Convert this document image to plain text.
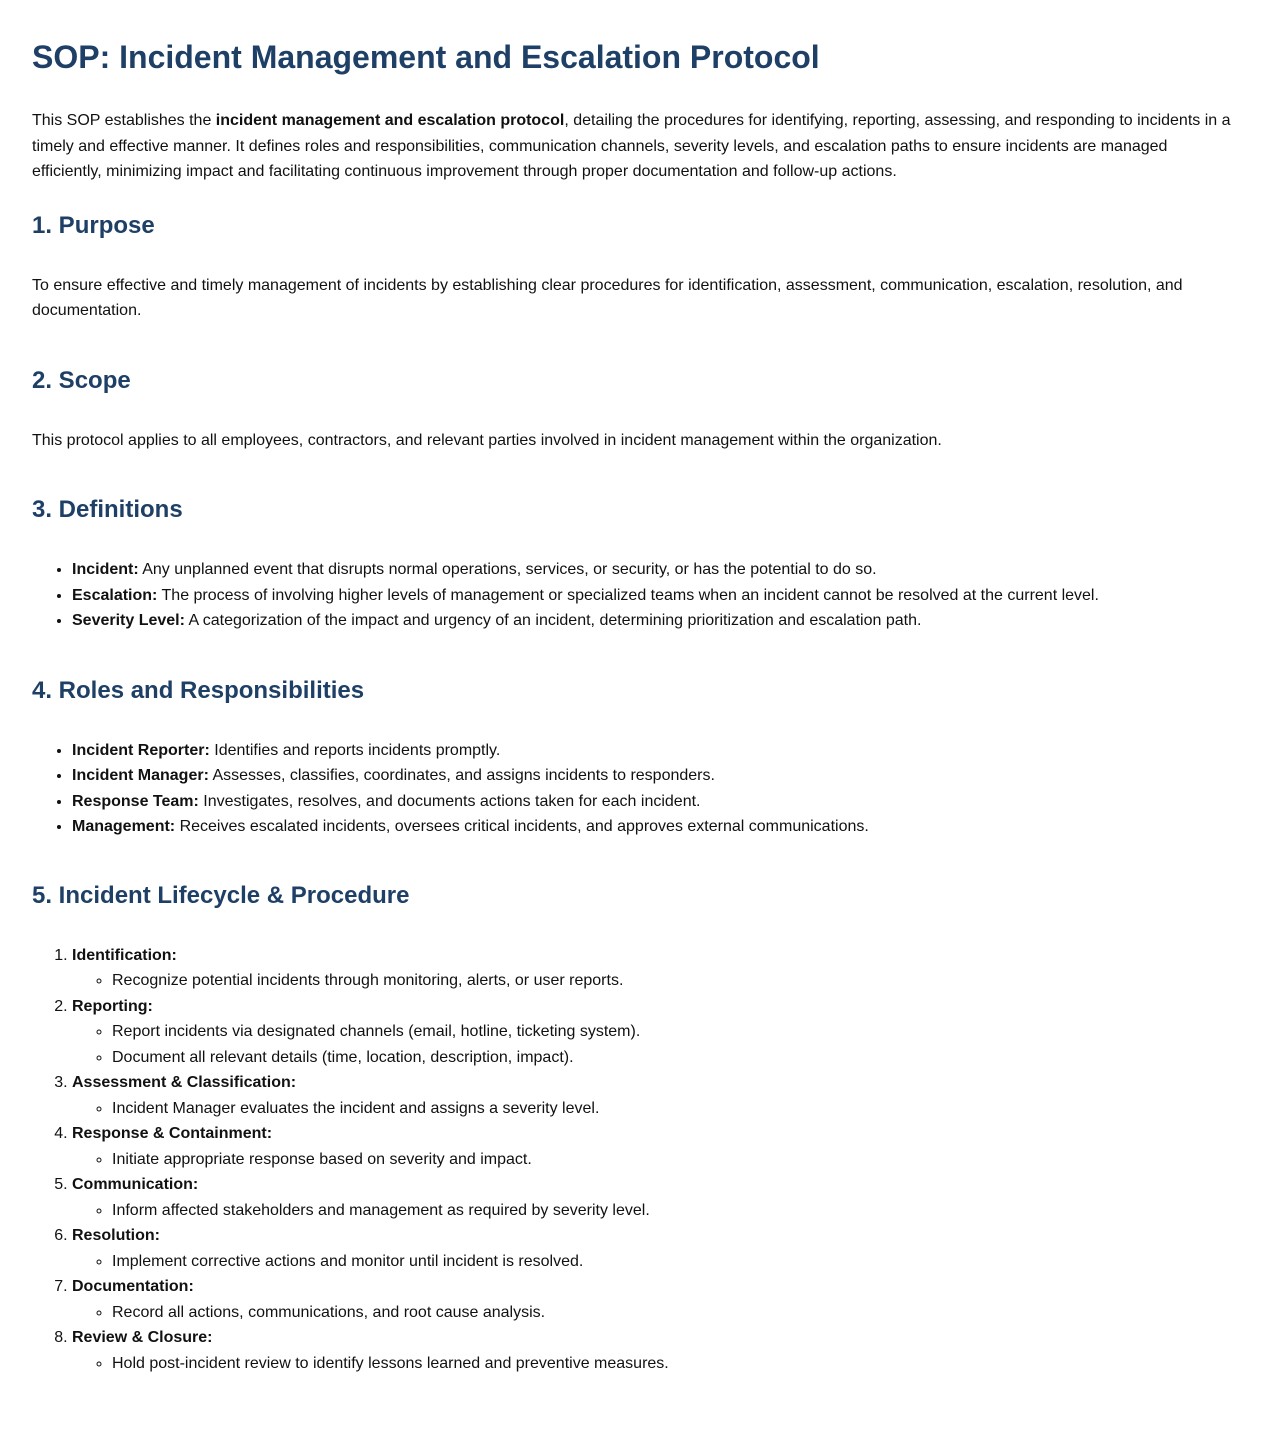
SOP: Incident Management and Escalation Protocol

This SOP establishes the incident management and escalation protocol, detailing the procedures for identifying, reporting, assessing, and responding to incidents in a timely and effective manner. It defines roles and responsibilities, communication channels, severity levels, and escalation paths to ensure incidents are managed efficiently, minimizing impact and facilitating continuous improvement through proper documentation and follow-up actions.

1. Purpose

To ensure effective and timely management of incidents by establishing clear procedures for identification, assessment, communication, escalation, resolution, and documentation.

2. Scope

This protocol applies to all employees, contractors, and relevant parties involved in incident management within the organization.

3. Definitions
• Incident: Any unplanned event that disrupts normal operations, services, or security, or has the potential to do so.
• Escalation: The process of involving higher levels of management or specialized teams when an incident cannot be resolved at the current level.
• Severity Level: A categorization of the impact and urgency of an incident, determining prioritization and escalation path.
4. Roles and Responsibilities
• Incident Reporter: Identifies and reports incidents promptly.
• Incident Manager: Assesses, classifies, coordinates, and assigns incidents to responders.
• Response Team: Investigates, resolves, and documents actions taken for each incident.
• Management: Receives escalated incidents, oversees critical incidents, and approves external communications.
5. Incident Lifecycle & Procedure
1. Identification:
◦ Recognize potential incidents through monitoring, alerts, or user reports.
2. Reporting:
◦ Report incidents via designated channels (email, hotline, ticketing system).
◦ Document all relevant details (time, location, description, impact).
3. Assessment & Classification:
◦ Incident Manager evaluates the incident and assigns a severity level.
4. Response & Containment:
◦ Initiate appropriate response based on severity and impact.
5. Communication:
◦ Inform affected stakeholders and management as required by severity level.
6. Resolution:
◦ Implement corrective actions and monitor until incident is resolved.
7. Documentation:
◦ Record all actions, communications, and root cause analysis.
8. Review & Closure:
◦ Hold post-incident review to identify lessons learned and preventive measures.
